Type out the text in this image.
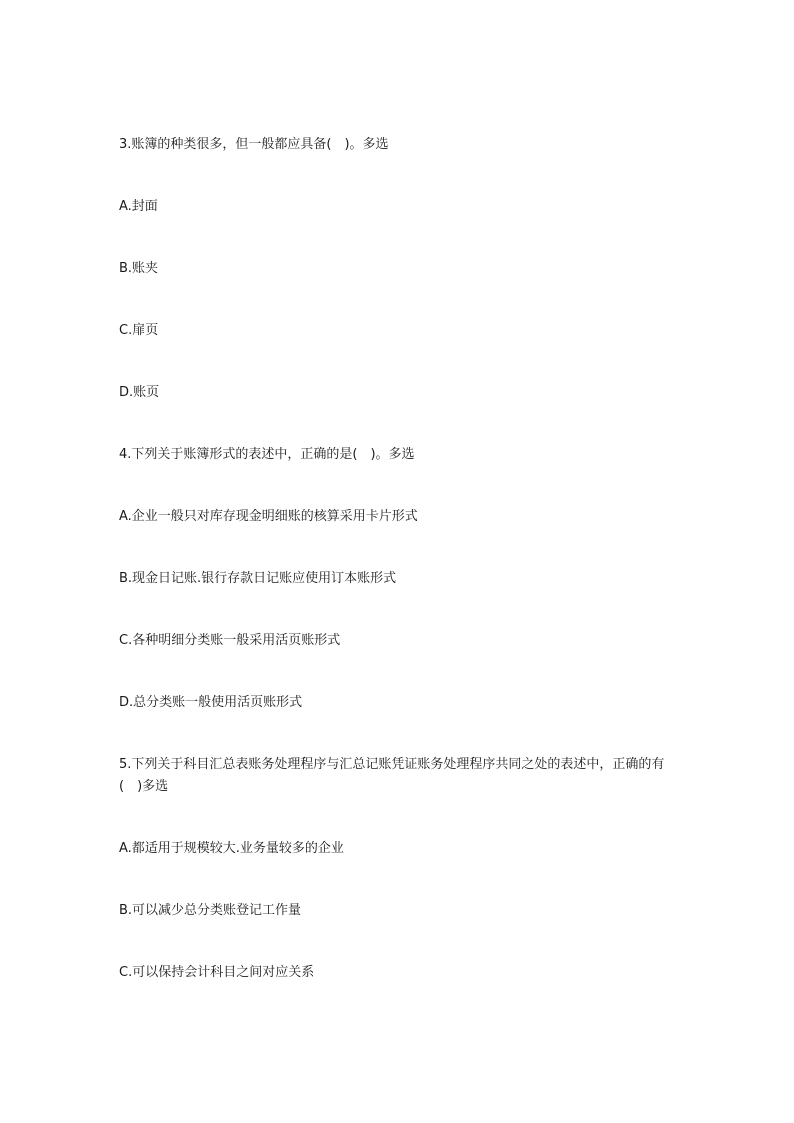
3.账簿的种类很多，但一般都应具备(　)。多选

A.封面

B.账夹

C.扉页

D.账页

4.下列关于账簿形式的表述中，正确的是(　)。多选

A.企业一般只对库存现金明细账的核算采用卡片形式

B.现金日记账.银行存款日记账应使用订本账形式

C.各种明细分类账一般采用活页账形式

D.总分类账一般使用活页账形式

5.下列关于科目汇总表账务处理程序与汇总记账凭证账务处理程序共同之处的表述中，正确的有(　)多选

A.都适用于规模较大.业务量较多的企业

B.可以减少总分类账登记工作量

C.可以保持会计科目之间对应关系
